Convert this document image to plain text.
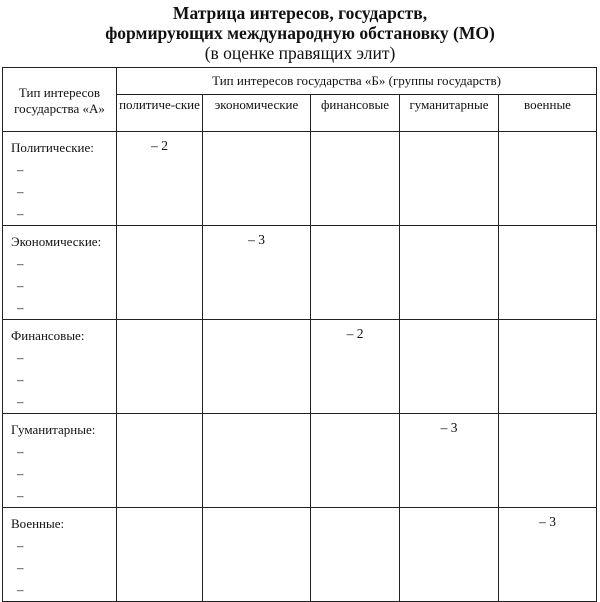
Матрица интересов, государств,
формирующих международную обстановку (МО)
(в оценке правящих элит)
Тип интересов государства «А»	Тип интересов государства «Б» (группы государств)				
	политиче-ские	экономические	финансовые	гуманитарные	военные
Политические:
–
–
–	– 2				

Экономические:
–
–
–		– 3			

Финансовые:
–
–
–			– 2		

Гуманитарные:
–
–
–				– 3	

Военные:
–
–
–					– 3
